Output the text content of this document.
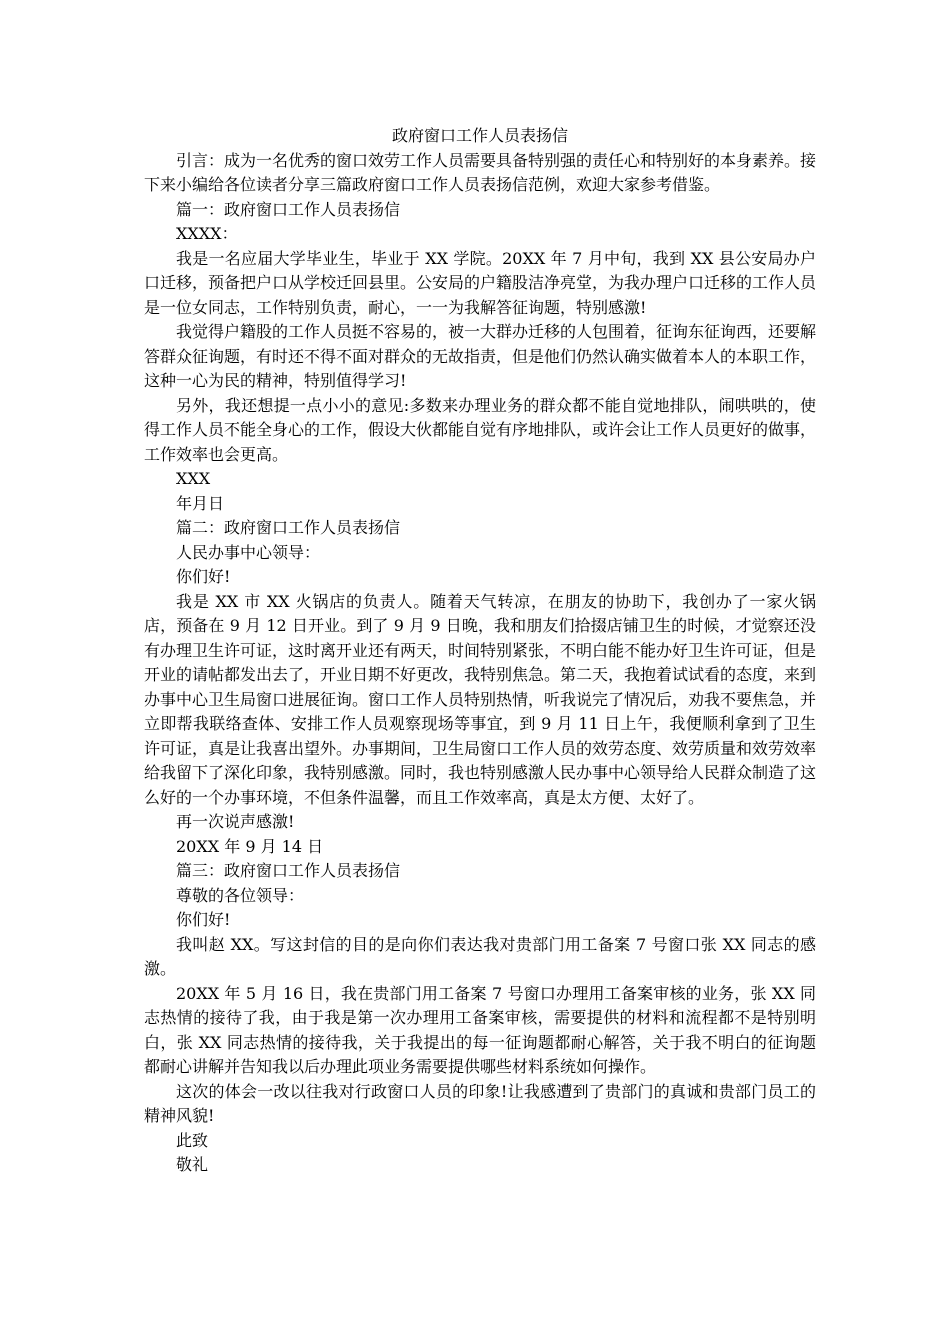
政府窗口工作人员表扬信

引言：成为一名优秀的窗口效劳工作人员需要具备特别强的责任心和特别好的本身素养。接下来小编给各位读者分享三篇政府窗口工作人员表扬信范例，欢迎大家参考借鉴。

篇一：政府窗口工作人员表扬信

XXXX：

我是一名应届大学毕业生，毕业于 XX 学院。20XX 年 7 月中旬，我到 XX 县公安局办户口迁移，预备把户口从学校迁回县里。公安局的户籍股洁净亮堂，为我办理户口迁移的工作人员是一位女同志，工作特别负责，耐心，一一为我解答征询题，特别感激!

我觉得户籍股的工作人员挺不容易的，被一大群办迁移的人包围着，征询东征询西，还要解答群众征询题，有时还不得不面对群众的无故指责，但是他们仍然认确实做着本人的本职工作，这种一心为民的精神，特别值得学习!

另外，我还想提一点小小的意见:多数来办理业务的群众都不能自觉地排队，闹哄哄的，使得工作人员不能全身心的工作，假设大伙都能自觉有序地排队，或许会让工作人员更好的做事，工作效率也会更高。

XXX

年月日

篇二：政府窗口工作人员表扬信

人民办事中心领导：

你们好!

我是 XX 市 XX 火锅店的负责人。随着天气转凉，在朋友的协助下，我创办了一家火锅店，预备在 9 月 12 日开业。到了 9 月 9 日晚，我和朋友们拾掇店铺卫生的时候，才觉察还没有办理卫生许可证，这时离开业还有两天，时间特别紧张，不明白能不能办好卫生许可证，但是开业的请帖都发出去了，开业日期不好更改，我特别焦急。第二天，我抱着试试看的态度，来到办事中心卫生局窗口进展征询。窗口工作人员特别热情，听我说完了情况后，劝我不要焦急，并立即帮我联络查体、安排工作人员观察现场等事宜，到 9 月 11 日上午，我便顺利拿到了卫生许可证，真是让我喜出望外。办事期间，卫生局窗口工作人员的效劳态度、效劳质量和效劳效率给我留下了深化印象，我特别感激。同时，我也特别感激人民办事中心领导给人民群众制造了这么好的一个办事环境，不但条件温馨，而且工作效率高，真是太方便、太好了。

再一次说声感激!

20XX 年 9 月 14 日

篇三：政府窗口工作人员表扬信

尊敬的各位领导：

你们好!

我叫赵 XX。写这封信的目的是向你们表达我对贵部门用工备案 7 号窗口张 XX 同志的感激。

20XX 年 5 月 16 日，我在贵部门用工备案 7 号窗口办理用工备案审核的业务，张 XX 同志热情的接待了我，由于我是第一次办理用工备案审核，需要提供的材料和流程都不是特别明白，张 XX 同志热情的接待我，关于我提出的每一征询题都耐心解答，关于我不明白的征询题都耐心讲解并告知我以后办理此项业务需要提供哪些材料系统如何操作。

这次的体会一改以往我对行政窗口人员的印象!让我感遭到了贵部门的真诚和贵部门员工的精神风貌!

此致

敬礼
